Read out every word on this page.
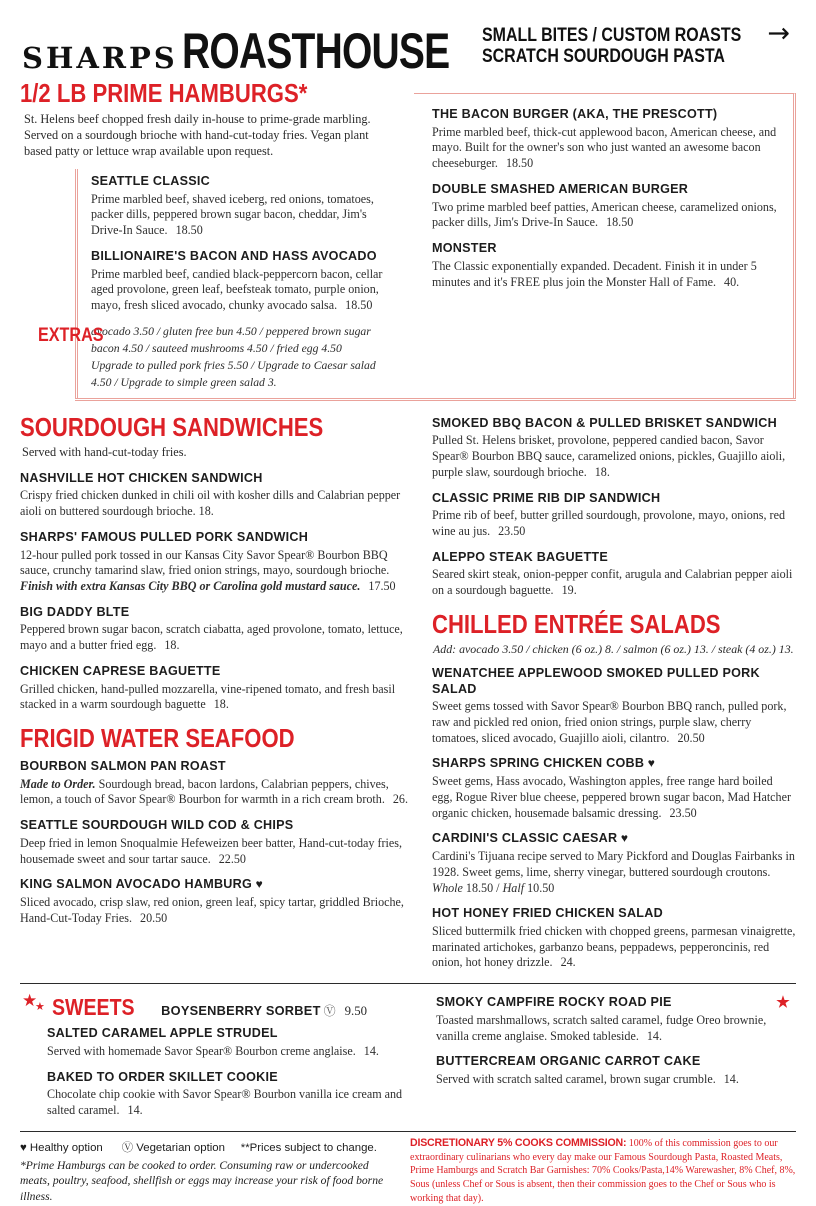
SHARPS ROASTHOUSE SMALL BITES / CUSTOM ROASTS
SCRATCH SOURDOUGH PASTA
→
1/2 LB PRIME HAMBURGS*

St. Helens beef chopped fresh daily in-house to prime-grade marbling. Served on a sourdough brioche with hand-cut-today fries. Vegan plant based patty or lettuce wrap available upon request.

SEATTLE CLASSIC

Prime marbled beef, shaved iceberg, red onions, tomatoes, packer dills, peppered brown sugar bacon, cheddar, Jim's Drive-In Sauce. 18.50

BILLIONAIRE'S BACON AND HASS AVOCADO

Prime marbled beef, candied black-peppercorn bacon, cellar aged provolone, green leaf, beefsteak tomato, purple onion, mayo, fresh sliced avocado, chunky avocado salsa. 18.50

EXTRAS
avocado 3.50 / gluten free bun 4.50 / peppered brown sugar bacon 4.50 / sauteed mushrooms 4.50 / fried egg 4.50
Upgrade to pulled pork fries 5.50 / Upgrade to Caesar salad 4.50 / Upgrade to simple green salad 3.
THE BACON BURGER (AKA, THE PRESCOTT)

Prime marbled beef, thick-cut applewood bacon, American cheese, and mayo. Built for the owner's son who just wanted an awesome bacon cheeseburger. 18.50

DOUBLE SMASHED AMERICAN BURGER

Two prime marbled beef patties, American cheese, caramelized onions, packer dills, Jim's Drive-In Sauce. 18.50

MONSTER

The Classic exponentially expanded. Decadent. Finish it in under 5 minutes and it's FREE plus join the Monster Hall of Fame. 40.

SOURDOUGH SANDWICHES

Served with hand-cut-today fries.

NASHVILLE HOT CHICKEN SANDWICH

Crispy fried chicken dunked in chili oil with kosher dills and Calabrian pepper aioli on buttered sourdough brioche. 18.

SHARPS' FAMOUS PULLED PORK SANDWICH

12-hour pulled pork tossed in our Kansas City Savor Spear® Bourbon BBQ sauce, crunchy tamarind slaw, fried onion strings, mayo, sourdough brioche. Finish with extra Kansas City BBQ or Carolina gold mustard sauce. 17.50

BIG DADDY BLTE

Peppered brown sugar bacon, scratch ciabatta, aged provolone, tomato, lettuce, mayo and a butter fried egg. 18.

CHICKEN CAPRESE BAGUETTE

Grilled chicken, hand-pulled mozzarella, vine-ripened tomato, and fresh basil stacked in a warm sourdough baguette 18.

FRIGID WATER SEAFOOD
BOURBON SALMON PAN ROAST

Made to Order. Sourdough bread, bacon lardons, Calabrian peppers, chives, lemon, a touch of Savor Spear® Bourbon for warmth in a rich cream broth. 26.

SEATTLE SOURDOUGH WILD COD & CHIPS

Deep fried in lemon Snoqualmie Hefeweizen beer batter, Hand-cut-today fries, housemade sweet and sour tartar sauce. 22.50

KING SALMON AVOCADO HAMBURG ♥

Sliced avocado, crisp slaw, red onion, green leaf, spicy tartar, griddled Brioche, Hand-Cut-Today Fries. 20.50

SMOKED BBQ BACON & PULLED BRISKET SANDWICH

Pulled St. Helens brisket, provolone, peppered candied bacon, Savor Spear® Bourbon BBQ sauce, caramelized onions, pickles, Guajillo aioli, purple slaw, sourdough brioche. 18.

CLASSIC PRIME RIB DIP SANDWICH

Prime rib of beef, butter grilled sourdough, provolone, mayo, onions, red wine au jus. 23.50

ALEPPO STEAK BAGUETTE

Seared skirt steak, onion-pepper confit, arugula and Calabrian pepper aioli on a sourdough baguette. 19.

CHILLED ENTRÉE SALADS

Add: avocado 3.50 / chicken (6 oz.) 8. / salmon (6 oz.) 13. / steak (4 oz.) 13.

WENATCHEE APPLEWOOD SMOKED PULLED PORK SALAD

Sweet gems tossed with Savor Spear® Bourbon BBQ ranch, pulled pork, raw and pickled red onion, fried onion strings, purple slaw, cherry tomatoes, sliced avocado, Guajillo aioli, cilantro. 20.50

SHARPS SPRING CHICKEN COBB ♥

Sweet gems, Hass avocado, Washington apples, free range hard boiled egg, Rogue River blue cheese, peppered brown sugar bacon, Mad Hatcher organic chicken, housemade balsamic dressing. 23.50

CARDINI'S CLASSIC CAESAR ♥

Cardini's Tijuana recipe served to Mary Pickford and Douglas Fairbanks in 1928. Sweet gems, lime, sherry vinegar, buttered sourdough croutons.
Whole 18.50 / Half 10.50

HOT HONEY FRIED CHICKEN SALAD

Sliced buttermilk fried chicken with chopped greens, parmesan vinaigrette, marinated artichokes, garbanzo beans, peppadews, pepperoncinis, red onion, hot honey drizzle. 24.

★
★ SWEETS BOYSENBERRY SORBET Ⓥ 9.50
SALTED CARAMEL APPLE STRUDEL

Served with homemade Savor Spear® Bourbon creme anglaise. 14.

BAKED TO ORDER SKILLET COOKIE

Chocolate chip cookie with Savor Spear® Bourbon vanilla ice cream and salted caramel. 14.

★
SMOKY CAMPFIRE ROCKY ROAD PIE

Toasted marshmallows, scratch salted caramel, fudge Oreo brownie, vanilla creme anglaise. Smoked tableside. 14.

BUTTERCREAM ORGANIC CARROT CAKE

Served with scratch salted caramel, brown sugar crumble. 14.

♥ Healthy option      Ⓥ Vegetarian option     **Prices subject to change.
*Prime Hamburgs can be cooked to order. Consuming raw or undercooked meats, poultry, seafood, shellfish or eggs may increase your risk of food borne illness.
DISCRETIONARY 5% COOKS COMMISSION: 100% of this commission goes to our extraordinary culinarians who every day make our Famous Sourdough Pasta, Roasted Meats, Prime Hamburgs and Scratch Bar Garnishes: 70% Cooks/Pasta,14% Warewasher, 8% Chef, 8%, Sous (unless Chef or Sous is absent, then their commission goes to the Chef or Sous who is working that day).
